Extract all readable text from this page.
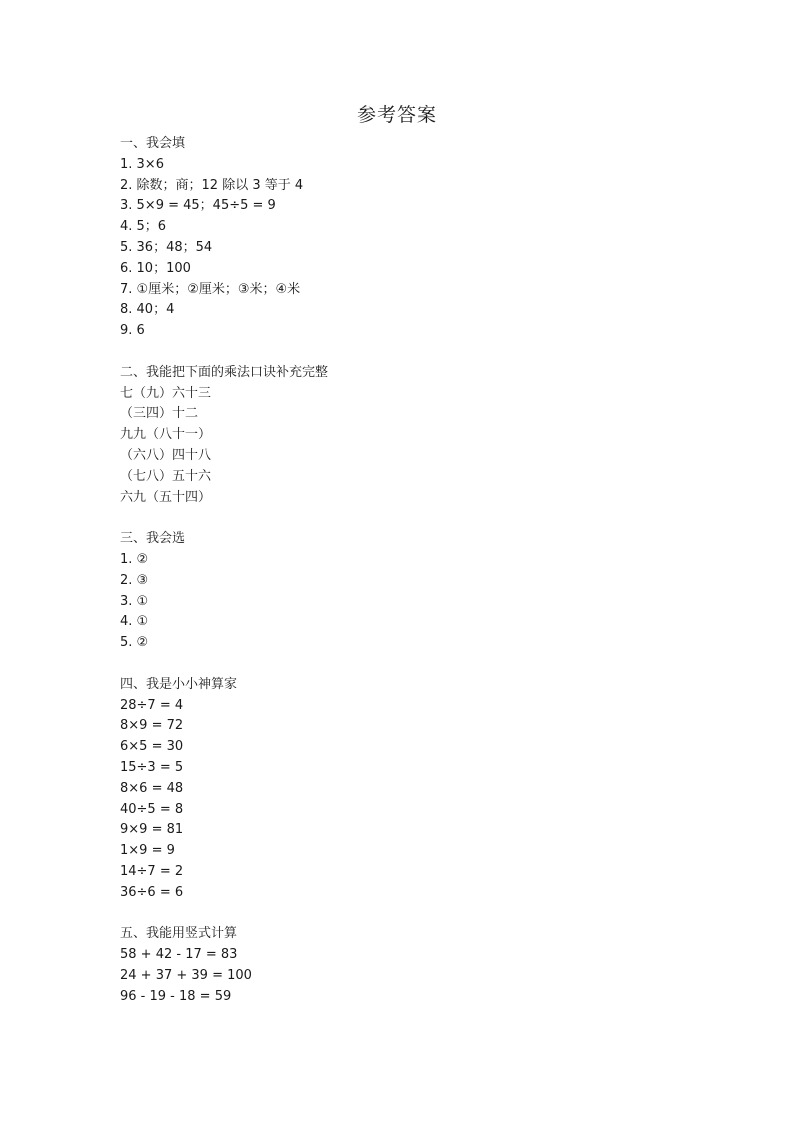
参考答案
一、我会填
1. 3×6
2. 除数；商；12 除以 3 等于 4
3. 5×9 = 45；45÷5 = 9
4. 5；6
5. 36；48；54
6. 10；100
7. ①厘米；②厘米；③米；④米
8. 40；4
9. 6
二、我能把下面的乘法口诀补充完整
七（九）六十三
（三四）十二
九九（八十一）
（六八）四十八
（七八）五十六
六九（五十四）
三、我会选
1. ②
2. ③
3. ①
4. ①
5. ②
四、我是小小神算家
28÷7 = 4
8×9 = 72
6×5 = 30
15÷3 = 5
8×6 = 48
40÷5 = 8
9×9 = 81
1×9 = 9
14÷7 = 2
36÷6 = 6
五、我能用竖式计算
58 + 42 - 17 = 83
24 + 37 + 39 = 100
96 - 19 - 18 = 59
